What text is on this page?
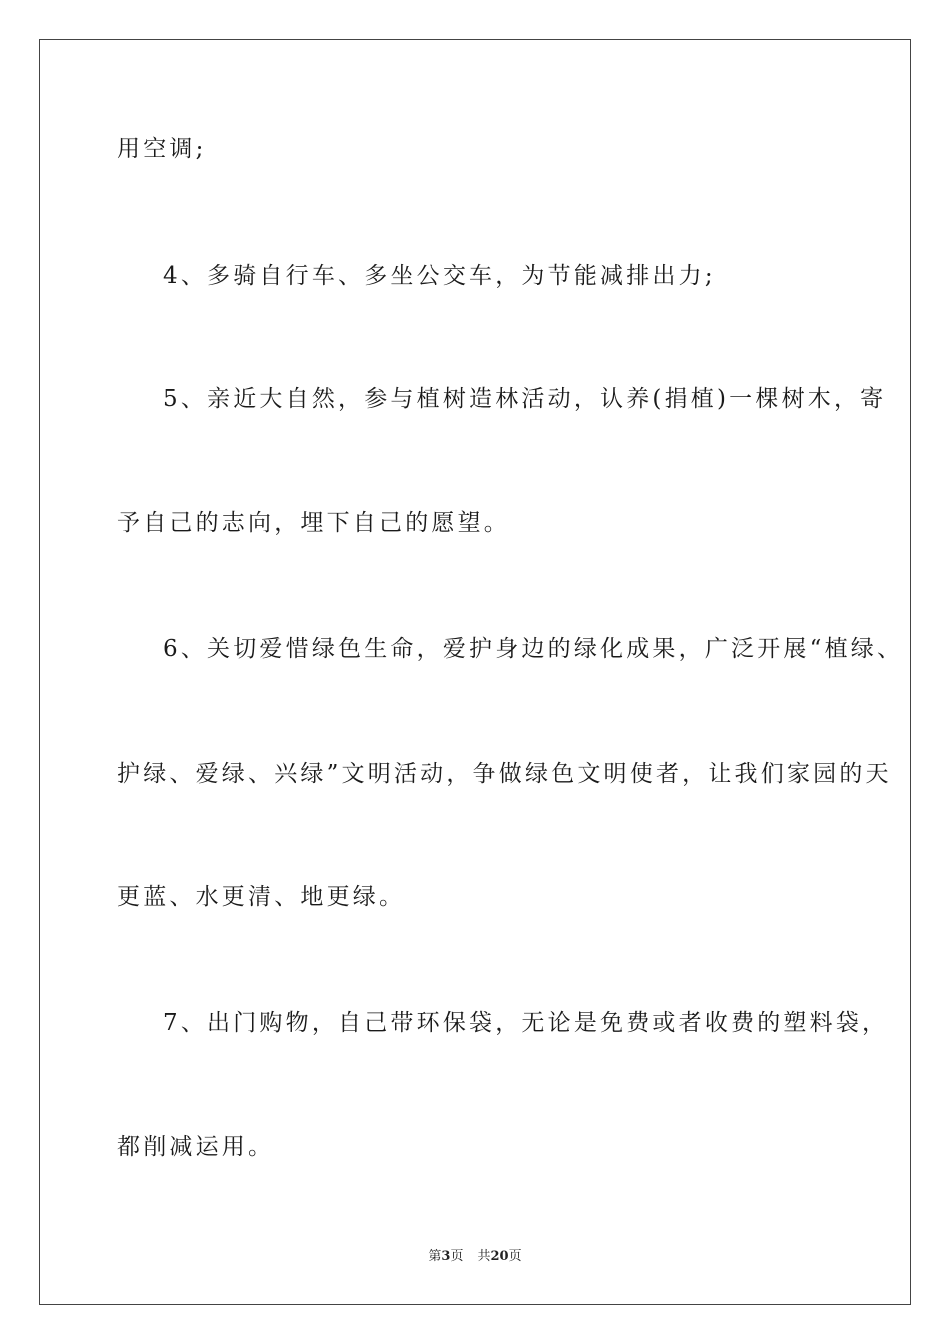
用空调;
4、多骑自行车、多坐公交车，为节能减排出力;
5、亲近大自然，参与植树造林活动，认养(捐植)一棵树木，寄
予自己的志向，埋下自己的愿望。
6、关切爱惜绿色生命，爱护身边的绿化成果，广泛开展“植绿、
护绿、爱绿、兴绿”文明活动，争做绿色文明使者，让我们家园的天
更蓝、水更清、地更绿。
7、出门购物，自己带环保袋，无论是免费或者收费的塑料袋，
都削减运用。
第3页 共20页
